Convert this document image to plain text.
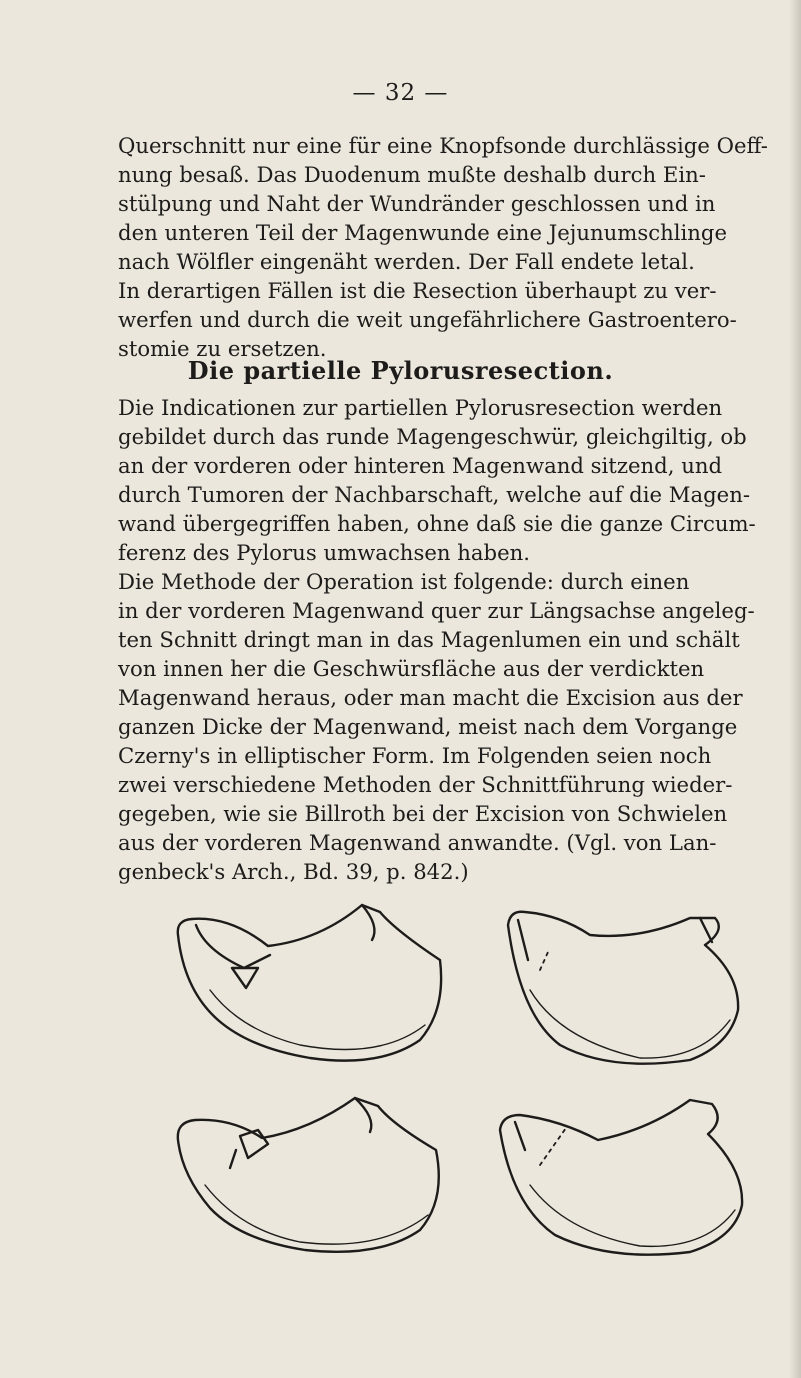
— 32 —

Querschnitt nur eine für eine Knopfsonde durchlässige Oeff-

nung besaß. Das Duodenum mußte deshalb durch Ein-

stülpung und Naht der Wundränder geschlossen und in

den unteren Teil der Magenwunde eine Jejunumschlinge

nach Wölfler eingenäht werden. Der Fall endete letal.

In derartigen Fällen ist die Resection überhaupt zu ver-

werfen und durch die weit ungefährlichere Gastroentero-

stomie zu ersetzen.

Die partielle Pylorusresection.

Die Indicationen zur partiellen Pylorusresection werden

gebildet durch das runde Magengeschwür, gleichgiltig, ob

an der vorderen oder hinteren Magenwand sitzend, und

durch Tumoren der Nachbarschaft, welche auf die Magen-

wand übergegriffen haben, ohne daß sie die ganze Circum-

ferenz des Pylorus umwachsen haben.

Die Methode der Operation ist folgende: durch einen

in der vorderen Magenwand quer zur Längsachse angeleg-

ten Schnitt dringt man in das Magenlumen ein und schält

von innen her die Geschwürsfläche aus der verdickten

Magenwand heraus, oder man macht die Excision aus der

ganzen Dicke der Magenwand, meist nach dem Vorgange

Czerny's in elliptischer Form. Im Folgenden seien noch

zwei verschiedene Methoden der Schnittführung wieder-

gegeben, wie sie Billroth bei der Excision von Schwielen

aus der vorderen Magenwand anwandte. (Vgl. von Lan-

genbeck's Arch., Bd. 39, p. 842.)
